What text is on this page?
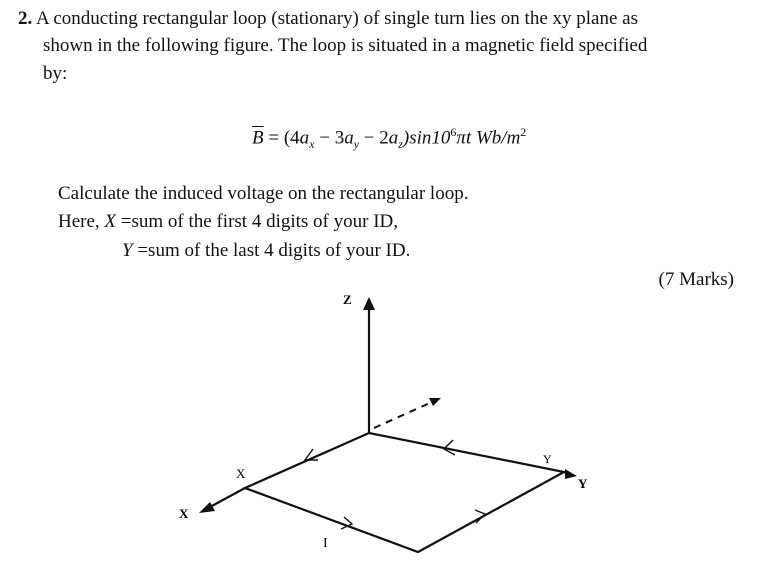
2. A conducting rectangular loop (stationary) of single turn lies on the xy plane as
shown in the following figure. The loop is situated in a magnetic field specified
by:
$\overline{B} = (4a_x - 3a_y - 2a_z)\sin 10^6\pi t$ $Wb/m^2$
Calculate the induced voltage on the rectangular loop.
Here, X =sum of the first 4 digits of your ID,
Y =sum of the last 4 digits of your ID.
(7 Marks)
Z
X
Y
X
Y
I
